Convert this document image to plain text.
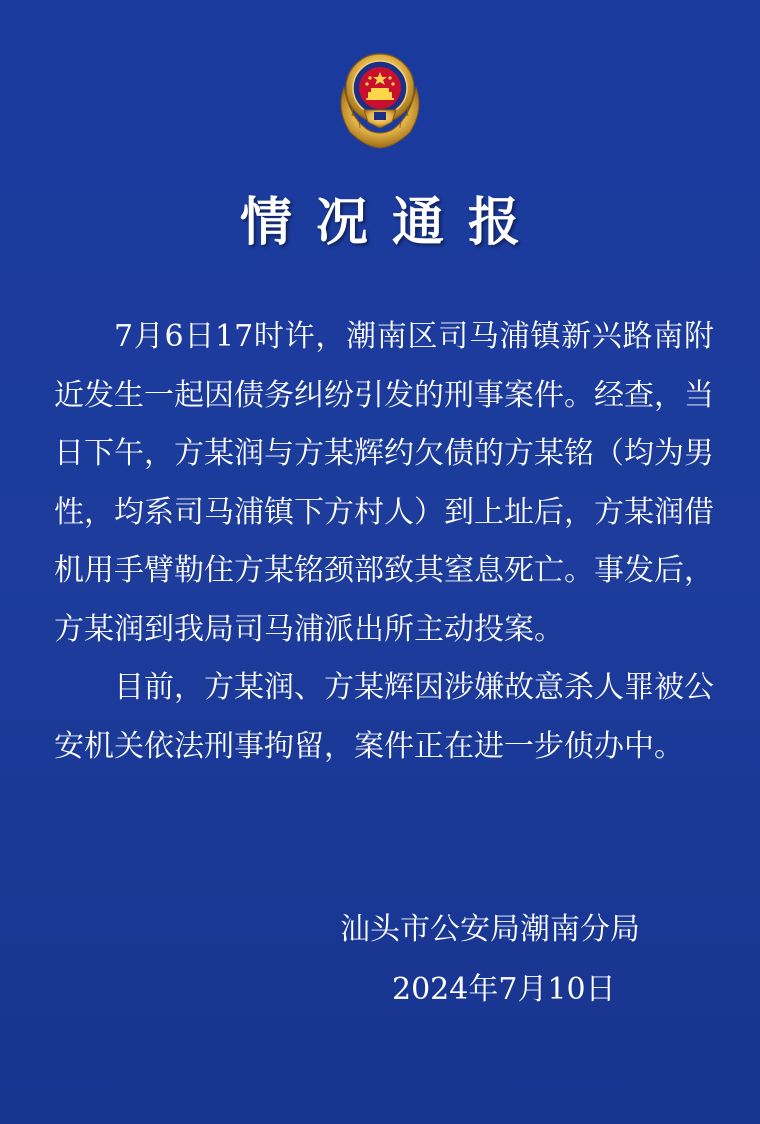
情况通报

7月6日17时许，潮南区司马浦镇新兴路南附近发生一起因债务纠纷引发的刑事案件。经查，当日下午，方某润与方某辉约欠债的方某铭（均为男性，均系司马浦镇下方村人）到上址后，方某润借机用手臂勒住方某铭颈部致其窒息死亡。事发后，方某润到我局司马浦派出所主动投案。

目前，方某润、方某辉因涉嫌故意杀人罪被公安机关依法刑事拘留，案件正在进一步侦办中。

汕头市公安局潮南分局
2024年7月10日
